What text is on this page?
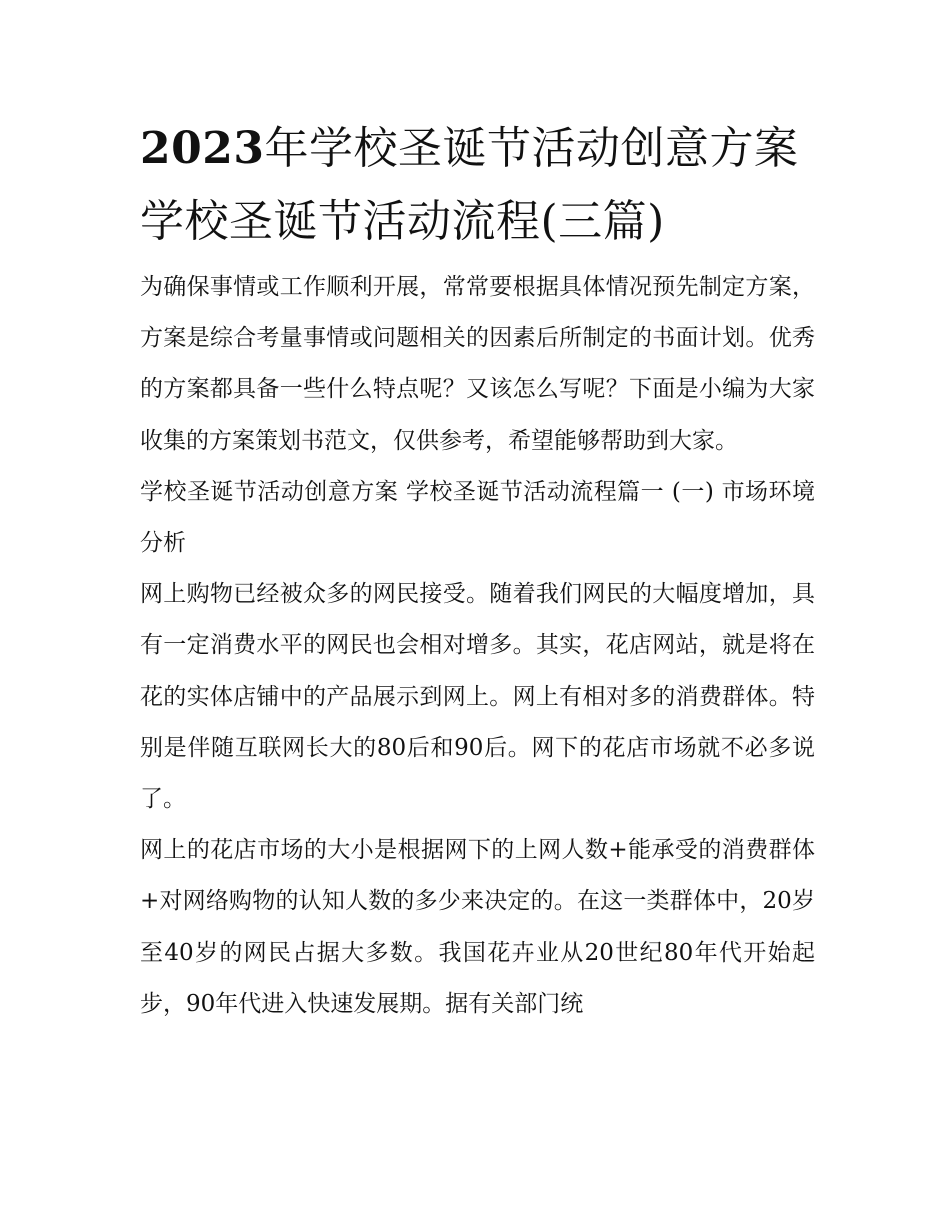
2023年学校圣诞节活动创意方案 学校圣诞节活动流程(三篇)

为确保事情或工作顺利开展，常常要根据具体情况预先制定方案，方案是综合考量事情或问题相关的因素后所制定的书面计划。优秀的方案都具备一些什么特点呢？又该怎么写呢？下面是小编为大家收集的方案策划书范文，仅供参考，希望能够帮助到大家。

学校圣诞节活动创意方案 学校圣诞节活动流程篇一 (一) 市场环境分析

网上购物已经被众多的网民接受。随着我们网民的大幅度增加，具有一定消费水平的网民也会相对增多。其实，花店网站，就是将在花的实体店铺中的产品展示到网上。网上有相对多的消费群体。特别是伴随互联网长大的80后和90后。网下的花店市场就不必多说了。

网上的花店市场的大小是根据网下的上网人数+能承受的消费群体+对网络购物的认知人数的多少来决定的。在这一类群体中，20岁至40岁的网民占据大多数。我国花卉业从20世纪80年代开始起步，90年代进入快速发展期。据有关部门统
